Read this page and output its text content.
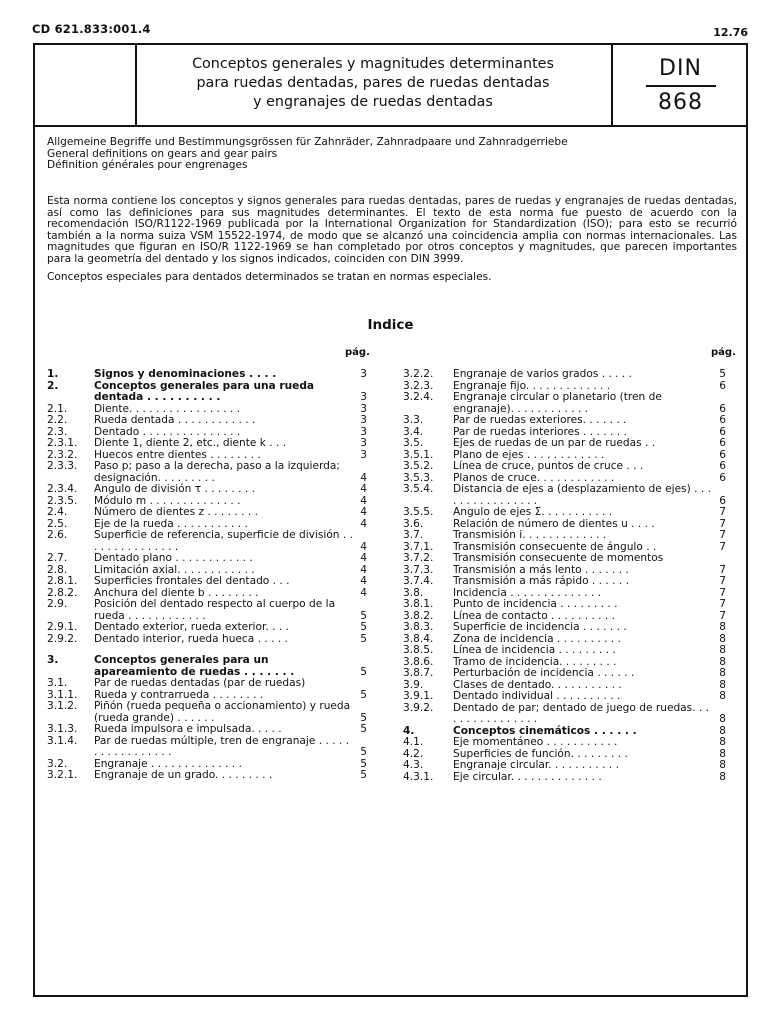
CD 621.833:001.4	12.76
Conceptos generales y magnitudes determinantes
para ruedas dentadas, pares de ruedas dentadas
y engranajes de ruedas dentadas
DIN
868
Allgemeine Begriffe und Bestimmungsgrössen für Zahnräder, Zahnradpaare und Zahnradgerriebe
General definitions on gears and gear pairs
Définition générales pour engrenages

Esta norma contiene los conceptos y signos generales para ruedas dentadas, pares de ruedas y engranajes de ruedas dentadas, así como las definiciones para sus magnitudes determinantes. El texto de esta norma fue puesto de acuerdo con la recomendación ISO/R1122-1969 publicada por la International Organization for Standardization (ISO); para esto se recurrió también a la norma suiza VSM 15522-1974, de modo que se alcanzó una coincidencia amplia con normas internacionales. Las magnitudes que figuran en ISO/R 1122-1969 se han completado por otros conceptos y magnitudes, que parecen importantes para la geometría del dentado y los signos indicados, coinciden con DIN 3999.

Conceptos especiales para dentados determinados se tratan en normas especiales.

Indice
pág.	pág.
1.	Signos y denominaciones . . . .	3
2.	Conceptos generales para una rueda dentada . . . . . . . . . .	3
2.1.	Diente. . . . . . . . . . . . . . . . .	3
2.2.	Rueda dentada . . . . . . . . . . . .	3
2.3.	Dentado . . . . . . . . . . . . . . .	3
2.3.1. Diente 1, diente 2, etc., diente k . . .	3
2.3.2. Huecos entre dientes . . . . . . . .	3
2.3.3. Paso p; paso a la derecha, paso a la izquierda; designación. . . . . . . . .	4
2.3.4. Angulo de división τ . . . . . . . .	4
2.3.5. Módulo m . . . . . . . . . . . . . .	4
2.4.	Número de dientes z . . . . . . . .	4
2.5.	Eje de la rueda . . . . . . . . . . .	4
2.6.	Superficie de referencia, superficie de división . . . . . . . . . . . . . . .	4
2.7.	Dentado plano . . . . . . . . . . . .	4
2.8.	Limitación axial. . . . . . . . . . . .	4
2.8.1. Superficies frontales del dentado . . .	4
2.8.2. Anchura del diente b . . . . . . . .	4
2.9.	Posición del dentado respecto al cuerpo de la rueda . . . . . . . . . . . .	5
2.9.1. Dentado exterior, rueda exterior. . . .	5
2.9.2. Dentado interior, rueda hueca . . . . .	5
3.	Conceptos generales para un apareamiento de ruedas . . . . . . .	5
3.1.	Par de ruedas dentadas (par de ruedas)
3.1.1. Rueda y contrarrueda . . . . . . . .	5
3.1.2. Piñón (rueda pequeña o accionamiento) y rueda (rueda grande) . . . . . .	5
3.1.3. Rueda impulsora e impulsada. . . . .	5
3.1.4. Par de ruedas múltiple, tren de engranaje . . . . . . . . . . . . . . . . .	5
3.2.	Engranaje . . . . . . . . . . . . . .	5
3.2.1. Engranaje de un grado. . . . . . . . .	5
3.2.2. Engranaje de varios grados . . . . .	5
3.2.3. Engranaje fijo. . . . . . . . . . . . .	6
3.2.4. Engranaje circular o planetario (tren de engranaje). . . . . . . . . . . .	6
3.3.	Par de ruedas exteriores. . . . . . .	6
3.4.	Par de ruedas interiores . . . . . . .	6
3.5.	Ejes de ruedas de un par de ruedas . .	6
3.5.1. Plano de ejes . . . . . . . . . . . .	6
3.5.2. Línea de cruce, puntos de cruce . . .	6
3.5.3. Planos de cruce. . . . . . . . . . . .	6
3.5.4. Distancia de ejes a (desplazamiento de ejes) . . . . . . . . . . . . . . . .	6
3.5.5. Angulo de ejes Σ. . . . . . . . . . .	7
3.6.	Relación de número de dientes u . . . .	7
3.7.	Transmisión i. . . . . . . . . . . . .	7
3.7.1. Transmisión consecuente de ángulo . .	7
3.7.2. Transmisión consecuente de momentos
3.7.3. Transmisión a más lento . . . . . . .	7
3.7.4. Transmisión a más rápido . . . . . .	7
3.8.	Incidencia . . . . . . . . . . . . . .	7
3.8.1. Punto de incidencia . . . . . . . . .	7
3.8.2. Línea de contacto . . . . . . . . . .	7
3.8.3. Superficie de incidencia . . . . . . .	8
3.8.4. Zona de incidencia . . . . . . . . . .	8
3.8.5. Línea de incidencia . . . . . . . . .	8
3.8.6. Tramo de incidencia. . . . . . . . .	8
3.8.7. Perturbación de incidencia . . . . . .	8
3.9.	Clases de dentado. . . . . . . . . . .	8
3.9.1. Dentado individual . . . . . . . . . .	8
3.9.2. Dentado de par; dentado de juego de ruedas. . . . . . . . . . . . . . . .	8
4.	Conceptos cinemáticos . . . . . .	8
4.1.	Eje momentáneo . . . . . . . . . . .	8
4.2.	Superficies de función. . . . . . . . .	8
4.3.	Engranaje circular. . . . . . . . . . .	8
4.3.1. Eje circular. . . . . . . . . . . . . .	8
